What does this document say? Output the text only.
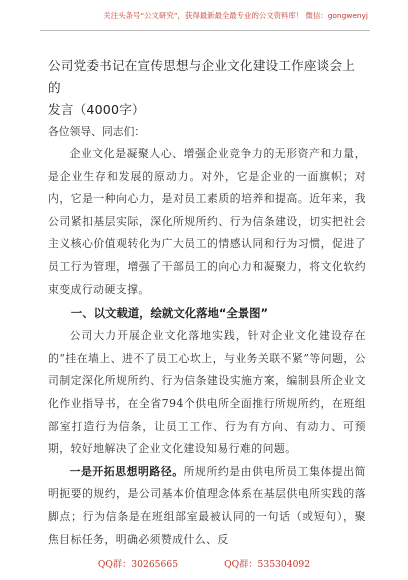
关注头条号“公文研究”，获得最新最全最专业的公文资料库！ 微信：gongwenyj

公司党委书记在宣传思想与企业文化建设工作座谈会上的

发言（4000字）

各位领导、同志们：

企业文化是凝聚人心、增强企业竞争力的无形资产和力量，是企业生存和发展的原动力。对外，它是企业的一面旗帜；对内，它是一种向心力，是对员工素质的培养和提高。近年来，我公司紧扣基层实际，深化所规所约、行为信条建设，切实把社会主义核心价值观转化为广大员工的情感认同和行为习惯，促进了员工行为管理，增强了干部员工的向心力和凝聚力，将文化软约束变成行动硬支撑。

一、以文载道，绘就文化落地“全景图”

公司大力开展企业文化落地实践，针对企业文化建设存在的“挂在墙上、进不了员工心坎上，与业务关联不紧”等问题，公司制定深化所规所约、行为信条建设实施方案，编制县所企业文化作业指导书，在全省794个供电所全面推行所规所约，在班组部室打造行为信条，让员工工作、行为有方向、有动力、可预期，较好地解决了企业文化建设知易行难的问题。

一是开拓思想明路径。所规所约是由供电所员工集体提出简明扼要的规约，是公司基本价值理念体系在基层供电所实践的落脚点；行为信条是在班组部室最被认同的一句话（或短句），聚焦目标任务，明确必须赞成什么、反

QQ群：30265665	QQ群：535304092
